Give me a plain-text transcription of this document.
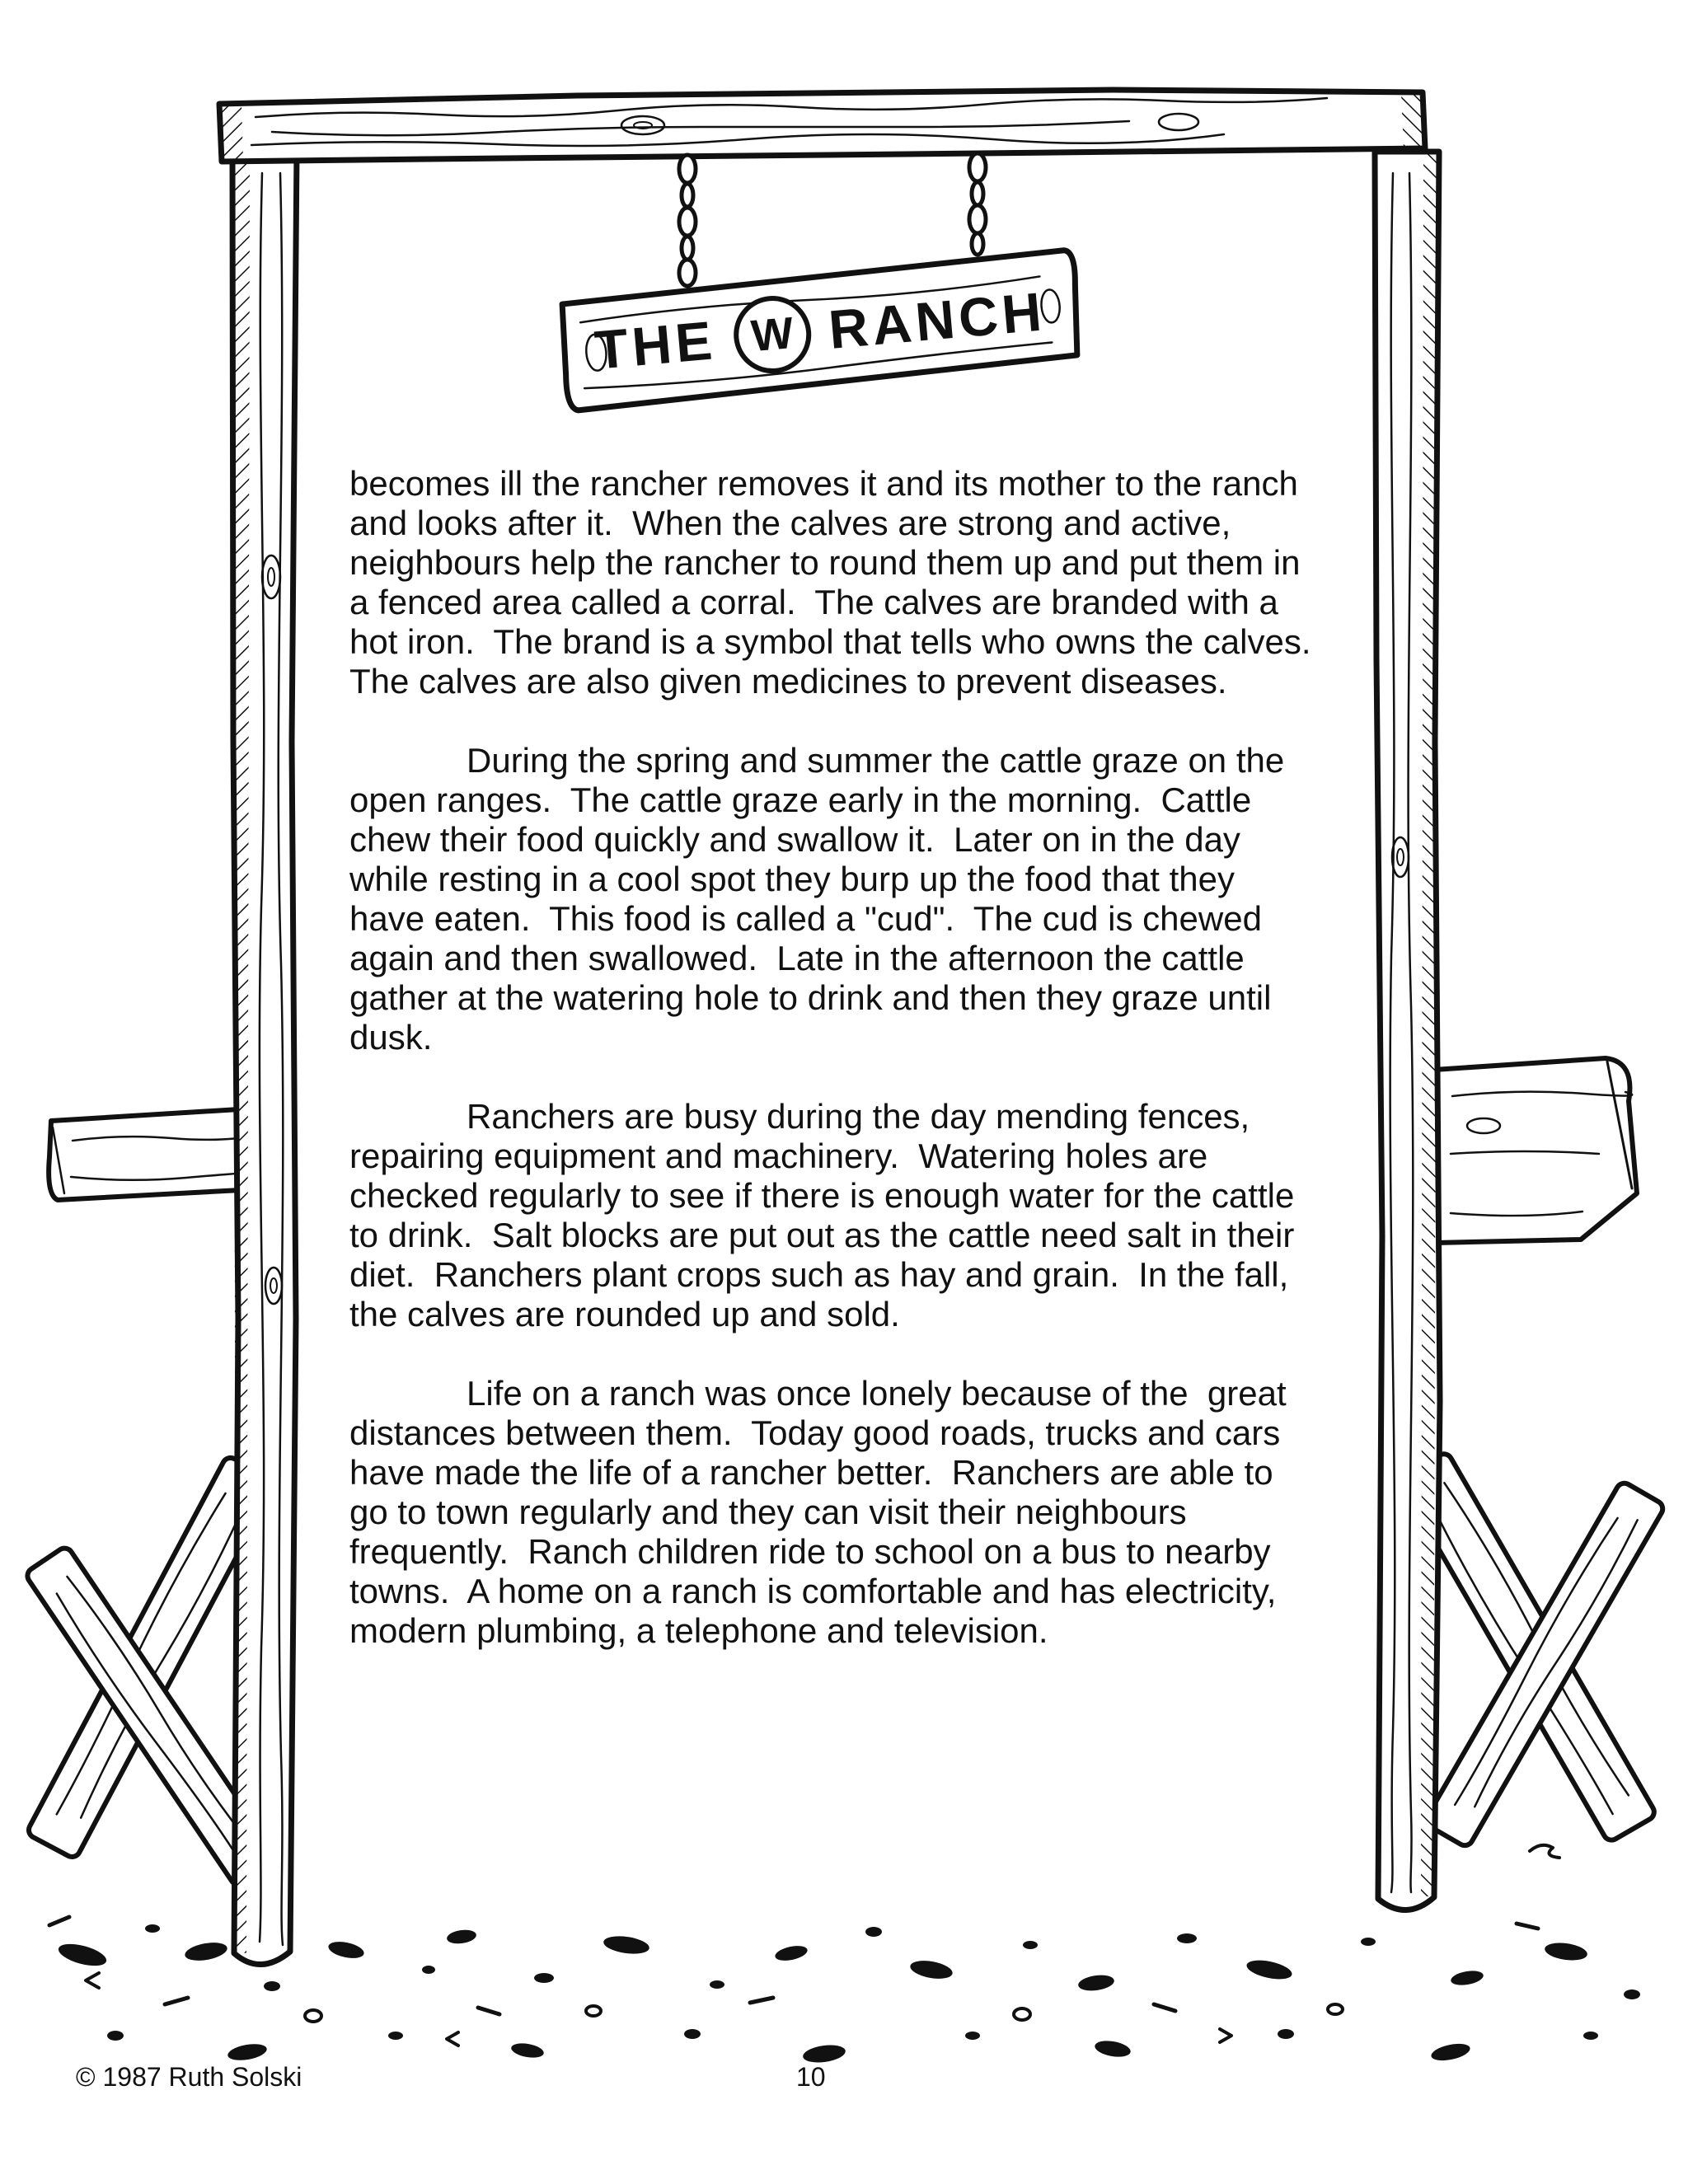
THE W RANCH

becomes ill the rancher removes it and its mother to the ranch and looks after it.  When the calves are strong and active, neighbours help the rancher to round them up and put them in a fenced area called a corral.  The calves are branded with a hot iron.  The brand is a symbol that tells who owns the calves.  The calves are also given medicines to prevent diseases.

During the spring and summer the cattle graze on the open ranges.  The cattle graze early in the morning.  Cattle chew their food quickly and swallow it.  Later on in the day while resting in a cool spot they burp up the food that they have eaten.  This food is called a "cud".  The cud is chewed again and then swallowed.  Late in the afternoon the cattle gather at the watering hole to drink and then they graze until dusk.

Ranchers are busy during the day mending fences, repairing equipment and machinery.  Watering holes are checked regularly to see if there is enough water for the cattle to drink.  Salt blocks are put out as the cattle need salt in their diet.  Ranchers plant crops such as hay and grain.  In the fall, the calves are rounded up and sold.

Life on a ranch was once lonely because of the  great distances between them.  Today good roads, trucks and cars have made the life of a rancher better.  Ranchers are able to go to town regularly and they can visit their neighbours frequently.  Ranch children ride to school on a bus to nearby towns.  A home on a ranch is comfortable and has electricity, modern plumbing, a telephone and television.

© 1987 Ruth Solski	10
